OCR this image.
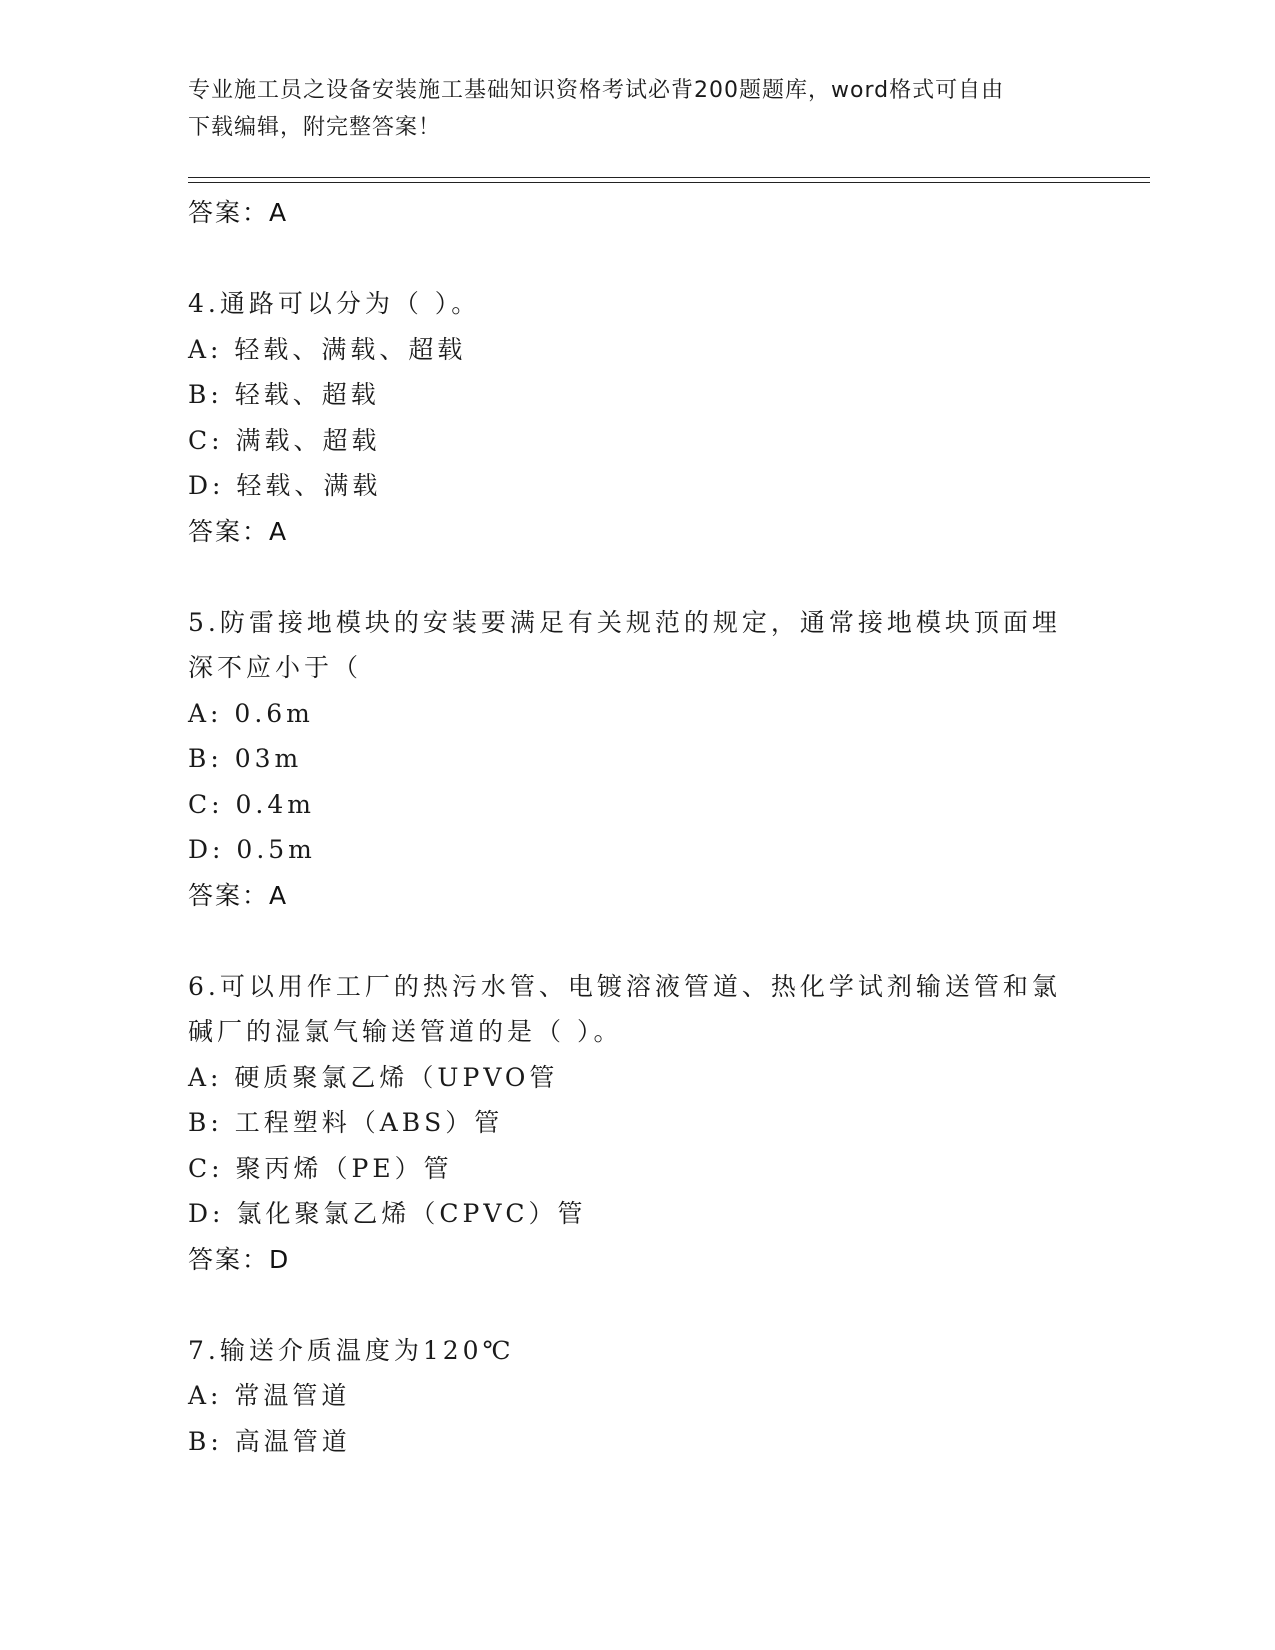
专业施工员之设备安装施工基础知识资格考试必背200题题库，word格式可自由
下载编辑，附完整答案！
答案：A
4.通路可以分为（ ）。
A: 轻载、满载、超载
B: 轻载、超载
C: 满载、超载
D: 轻载、满载
答案：A
5.防雷接地模块的安装要满足有关规范的规定，通常接地模块顶面埋
深不应小于（
A: 0.6m
B: 03m
C: 0.4m
D: 0.5m
答案：A
6.可以用作工厂的热污水管、电镀溶液管道、热化学试剂输送管和氯
碱厂的湿氯气输送管道的是（ ）。
A: 硬质聚氯乙烯（UPVO管
B: 工程塑料（ABS）管
C: 聚丙烯（PE）管
D: 氯化聚氯乙烯（CPVC）管
答案：D
7.输送介质温度为120℃
A: 常温管道
B: 高温管道
